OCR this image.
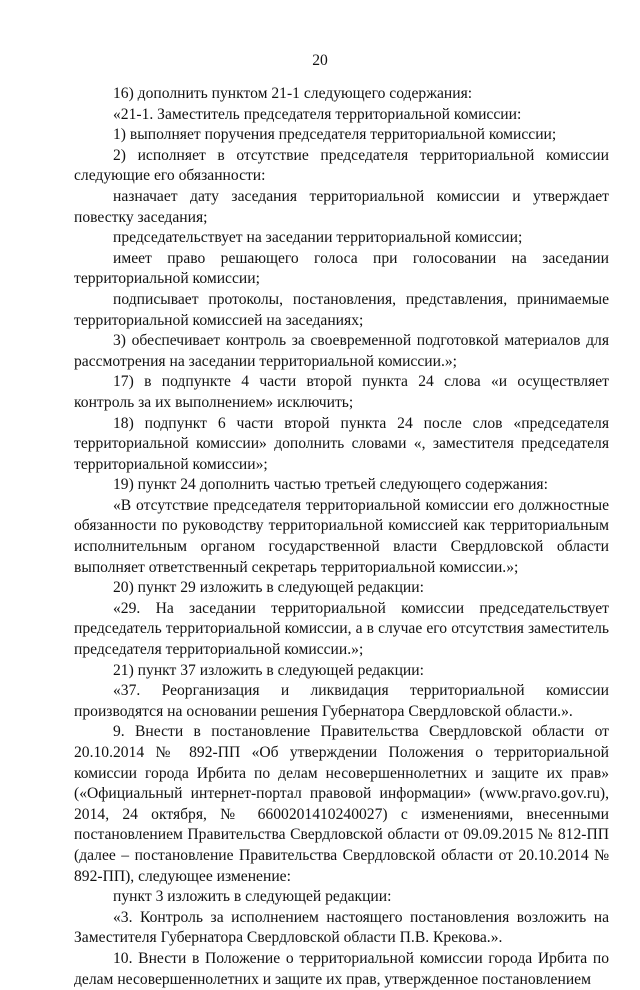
20

16) дополнить пунктом 21-1 следующего содержания:

«21-1. Заместитель председателя территориальной комиссии:

1) выполняет поручения председателя территориальной комиссии;

2) исполняет в отсутствие председателя территориальной комиссии следующие его обязанности:

назначает дату заседания территориальной комиссии и утверждает повестку заседания;

председательствует на заседании территориальной комиссии;

имеет право решающего голоса при голосовании на заседании территориальной комиссии;

подписывает протоколы, постановления, представления, принимаемые территориальной комиссией на заседаниях;

3) обеспечивает контроль за своевременной подготовкой материалов для рассмотрения на заседании территориальной комиссии.»;

17) в подпункте 4 части второй пункта 24 слова «и осуществляет контроль за их выполнением» исключить;

18) подпункт 6 части второй пункта 24 после слов «председателя территориальной комиссии» дополнить словами «, заместителя председателя территориальной комиссии»;

19) пункт 24 дополнить частью третьей следующего содержания:

«В отсутствие председателя территориальной комиссии его должностные обязанности по руководству территориальной комиссией как территориальным исполнительным органом государственной власти Свердловской области выполняет ответственный секретарь территориальной комиссии.»;

20) пункт 29 изложить в следующей редакции:

«29. На заседании территориальной комиссии председательствует председатель территориальной комиссии, а в случае его отсутствия заместитель председателя территориальной комиссии.»;

21) пункт 37 изложить в следующей редакции:

«37. Реорганизация и ликвидация территориальной комиссии производятся на основании решения Губернатора Свердловской области.».

9. Внести в постановление Правительства Свердловской области от 20.10.2014 № 892-ПП «Об утверждении Положения о территориальной комиссии города Ирбита по делам несовершеннолетних и защите их прав» («Официальный интернет-портал правовой информации» (www.pravo.gov.ru), 2014, 24 октября, № 6600201410240027) с изменениями, внесенными постановлением Правительства Свердловской области от 09.09.2015 № 812-ПП (далее – постановление Правительства Свердловской области от 20.10.2014 № 892-ПП), следующее изменение:

пункт 3 изложить в следующей редакции:

«3. Контроль за исполнением настоящего постановления возложить на Заместителя Губернатора Свердловской области П.В. Крекова.».

10. Внести в Положение о территориальной комиссии города Ирбита по делам несовершеннолетних и защите их прав, утвержденное постановлением
